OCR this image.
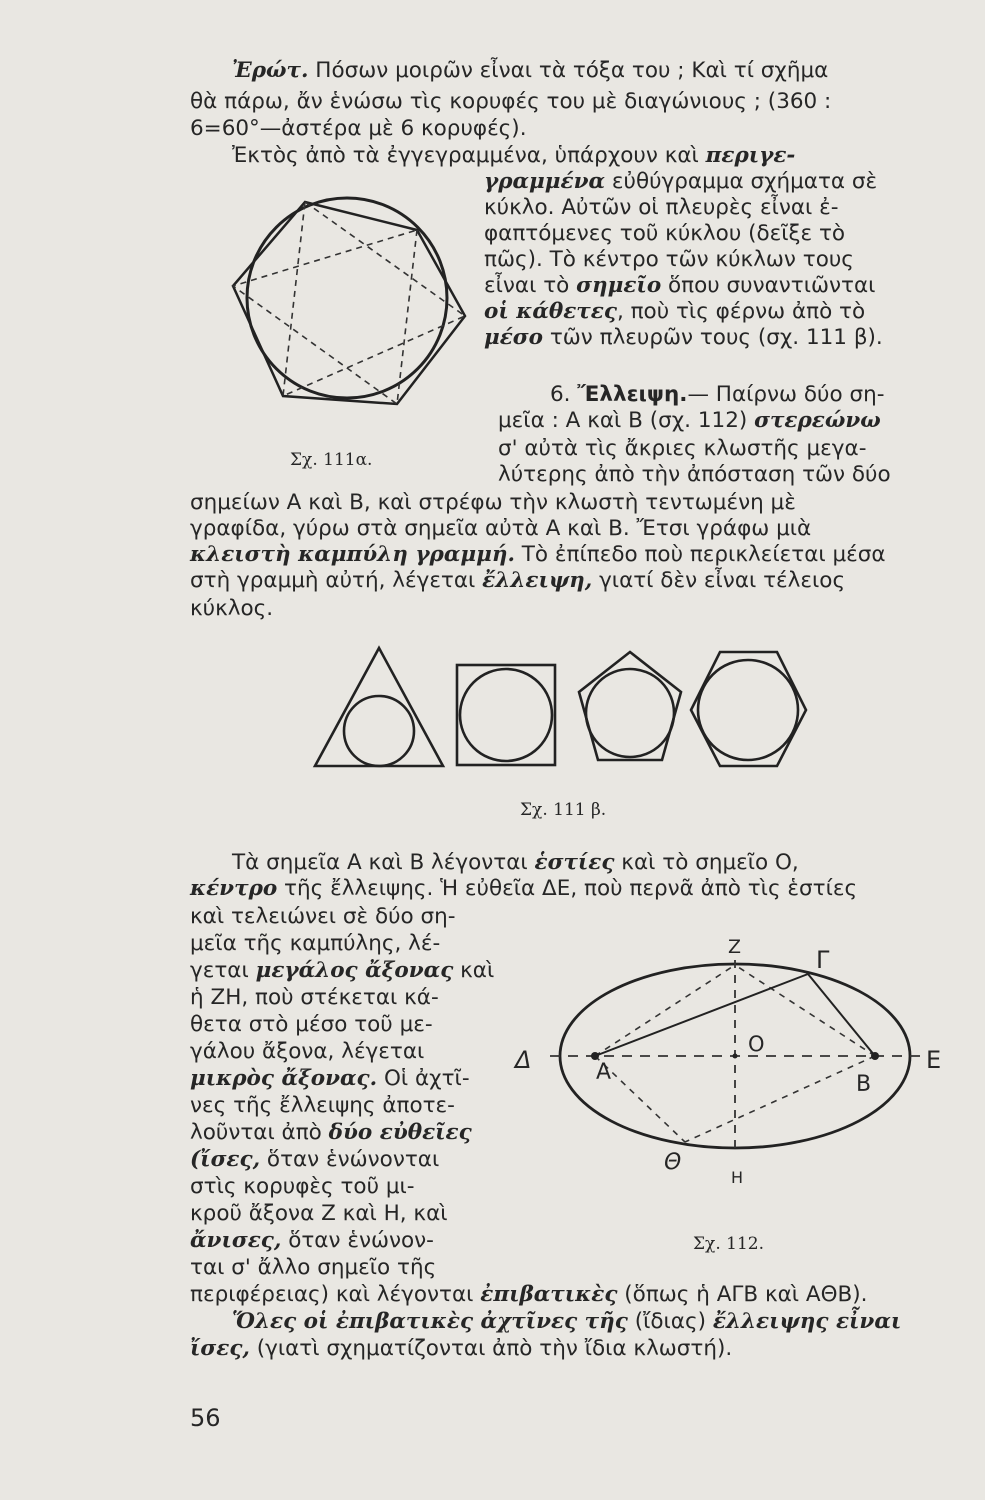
Ἐρώτ. Πόσων μοιρῶν εἶναι τὰ τόξα του ; Καὶ τί σχῆμα
θὰ πάρω, ἄν ἑνώσω τὶς κορυφές του μὲ διαγώνιους ; (360 :
6=60°—ἀστέρα μὲ 6 κορυφές).
Ἐκτὸς ἀπὸ τὰ ἐγγεγραμμένα, ὑπάρχουν καὶ περιγε-
γραμμένα εὐθύγραμμα σχήματα σὲ
κύκλο. Αὐτῶν οἱ πλευρὲς εἶναι ἐ-
φαπτόμενες τοῦ κύκλου (δεῖξε τὸ
πῶς). Τὸ κέντρο τῶν κύκλων τους
εἶναι τὸ σημεῖο ὅπου συναντιῶνται
οἱ κάθετες, ποὺ τὶς φέρνω ἀπὸ τὸ
μέσο τῶν πλευρῶν τους (σχ. 111 β).
Σχ. 111α.
6. Ἔλλειψη.— Παίρνω δύο ση-
μεῖα : Α καὶ Β (σχ. 112) στερεώνω
σ' αὐτὰ τὶς ἄκριες κλωστῆς μεγα-
λύτερης ἀπὸ τὴν ἀπόσταση τῶν δύο
σημείων Α καὶ Β, καὶ στρέφω τὴν κλωστὴ τεντωμένη μὲ
γραφίδα, γύρω στὰ σημεῖα αὐτὰ Α καὶ Β. Ἔτσι γράφω μιὰ
κλειστὴ καμπύλη γραμμή. Τὸ ἐπίπεδο ποὺ περικλείεται μέσα
στὴ γραμμὴ αὐτή, λέγεται ἔλλειψη, γιατί δὲν εἶναι τέλειος
κύκλος.
Σχ. 111 β.
Τὰ σημεῖα Α καὶ Β λέγονται ἑστίες καὶ τὸ σημεῖο Ο,
κέντρο τῆς ἔλλειψης. Ἡ εὐθεῖα ΔΕ, ποὺ περνᾶ ἀπὸ τὶς ἑστίες
καὶ τελειώνει σὲ δύο ση-
μεῖα τῆς καμπύλης, λέ-
γεται μεγάλος ἄξονας καὶ
ἡ ΖΗ, ποὺ στέκεται κά-
θετα στὸ μέσο τοῦ με-
γάλου ἄξονα, λέγεται
μικρὸς ἄξονας. Οἱ ἀχτῖ-
νες τῆς ἔλλειψης ἀποτε-
λοῦνται ἀπὸ δύο εὐθεῖες
(ἴσες, ὅταν ἑνώνονται
στὶς κορυφὲς τοῦ μι-
κροῦ ἄξονα Ζ καὶ Η, καὶ
ἄνισες, ὅταν ἑνώνον-
ται σ' ἄλλο σημεῖο τῆς
περιφέρειας) καὶ λέγονται ἐπιβατικὲς (ὅπως ἡ ΑΓΒ καὶ ΑΘΒ).
Ὅλες οἱ ἐπιβατικὲς ἀχτῖνες τῆς (ἴδιας) ἔλλειψης εἶναι
ἴσες, (γιατὶ σχηματίζονται ἀπὸ τὴν ἴδια κλωστή).
Ζ	Γ
Ο
Δ	Ε
Α	Β
Θ
Η
Σχ. 112.
56
